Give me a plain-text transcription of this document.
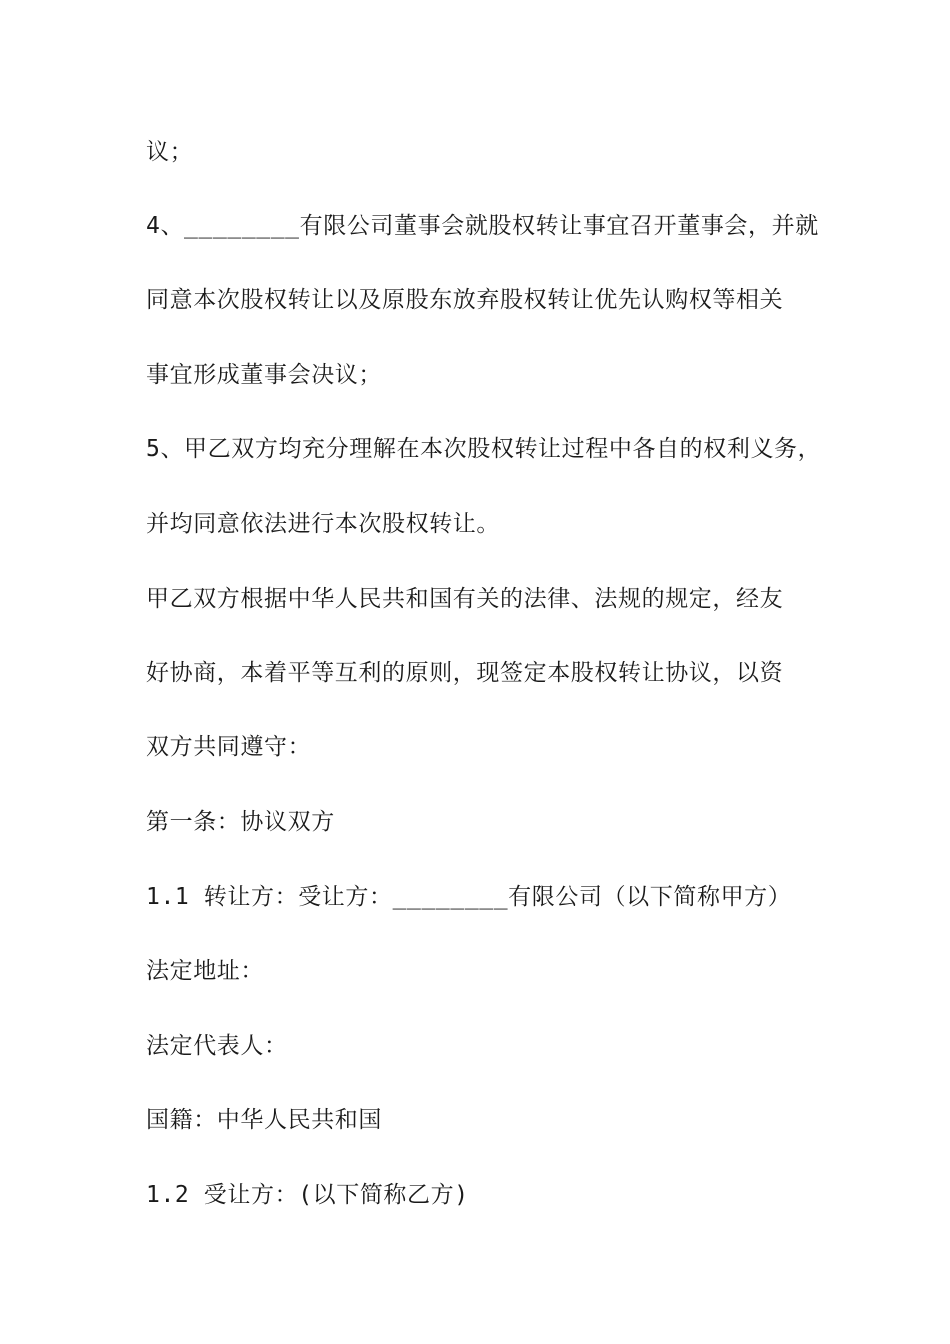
议；
4、________有限公司董事会就股权转让事宜召开董事会，并就
同意本次股权转让以及原股东放弃股权转让优先认购权等相关
事宜形成董事会决议；
5、甲乙双方均充分理解在本次股权转让过程中各自的权利义务，
并均同意依法进行本次股权转让。
甲乙双方根据中华人民共和国有关的法律、法规的规定，经友
好协商，本着平等互利的原则，现签定本股权转让协议，以资
双方共同遵守：
第一条：协议双方
1.1 转让方：受让方：________有限公司（以下简称甲方）
法定地址：
法定代表人：
国籍：中华人民共和国
1.2 受让方：(以下简称乙方)
